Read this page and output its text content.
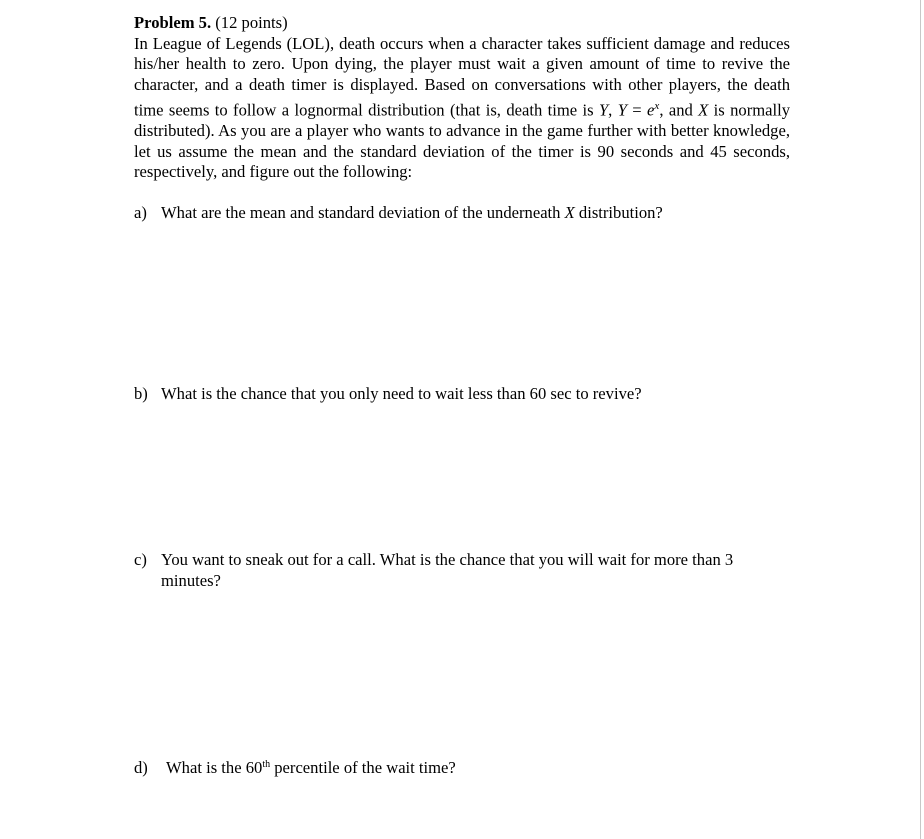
Problem 5. (12 points)
In League of Legends (LOL), death occurs when a character takes sufficient damage and reduces his/her health to zero. Upon dying, the player must wait a given amount of time to revive the character, and a death timer is displayed. Based on conversations with other players, the death time seems to follow a lognormal distribution (that is, death time is Y, $Y = e^x$, and X is normally distributed). As you are a player who wants to advance in the game further with better knowledge, let us assume the mean and the standard deviation of the timer is 90 seconds and 45 seconds, respectively, and figure out the following:
a) What are the mean and standard deviation of the underneath X distribution?
b) What is the chance that you only need to wait less than 60 sec to revive?
c) You want to sneak out for a call. What is the chance that you will wait for more than 3 minutes?
d) What is the 60th percentile of the wait time?
